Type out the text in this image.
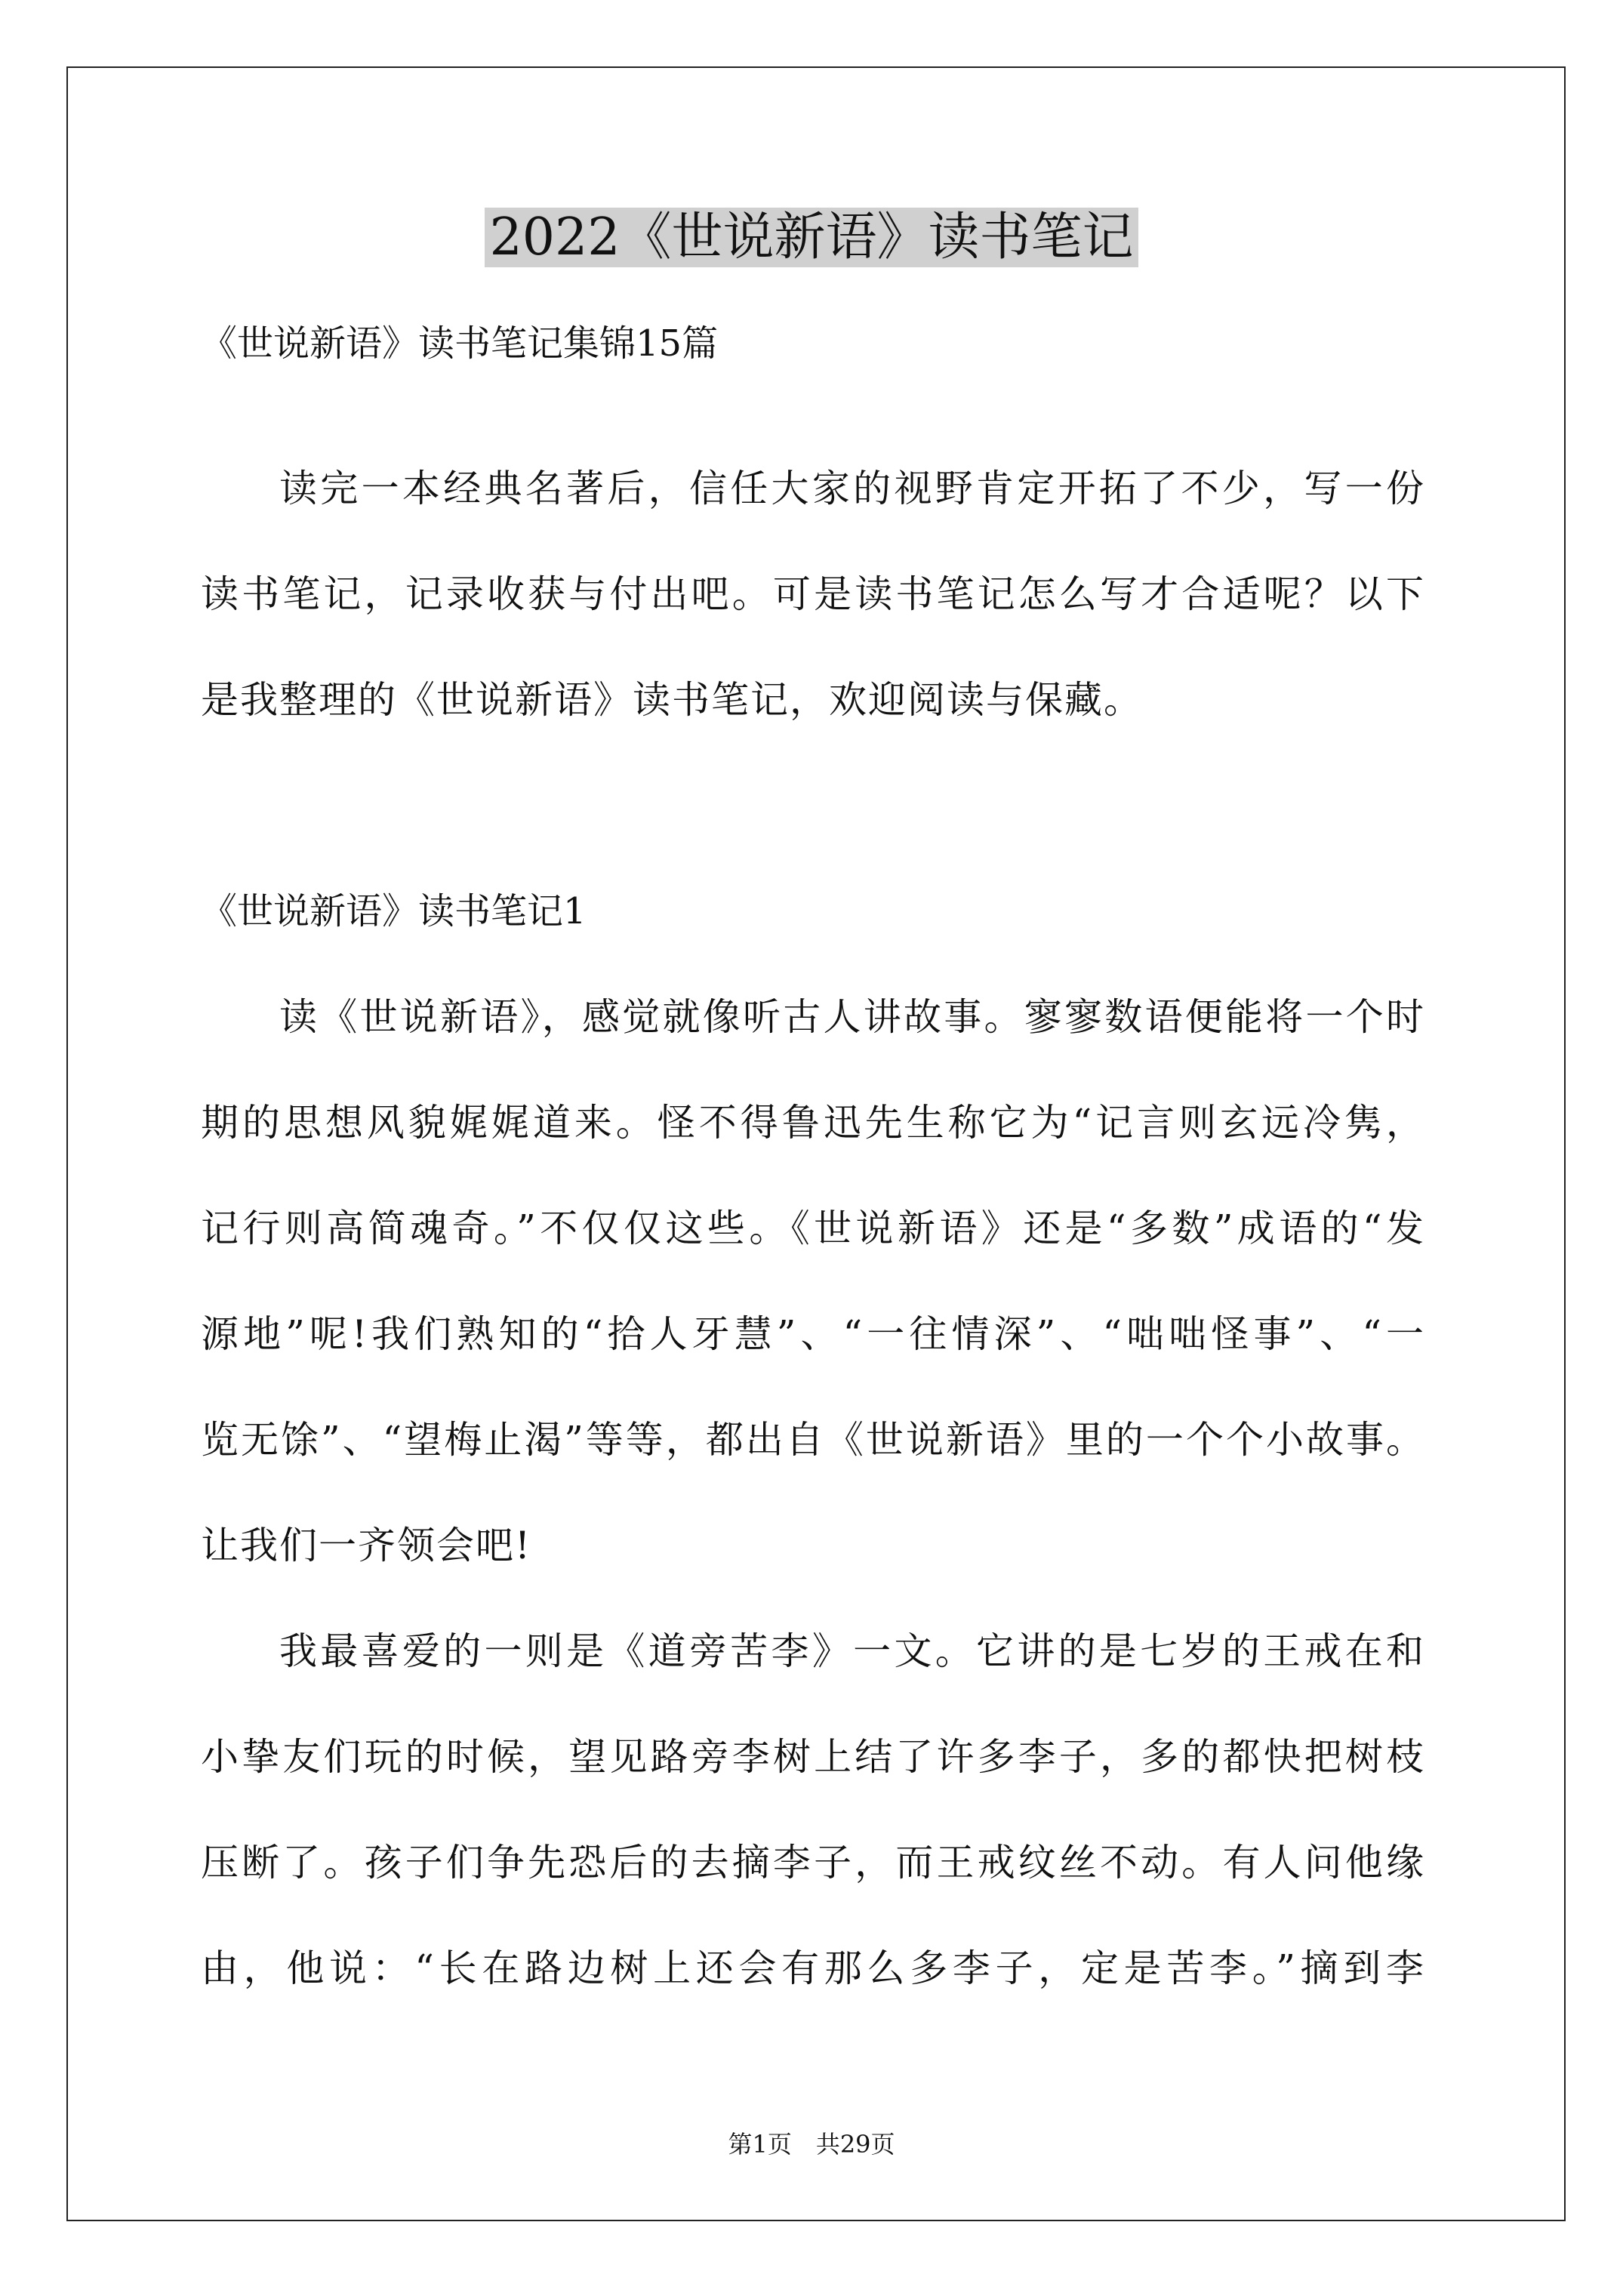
2022《世说新语》读书笔记
《世说新语》读书笔记集锦15篇
读完一本经典名著后，信任大家的视野肯定开拓了不少，写一份
读书笔记，记录收获与付出吧。可是读书笔记怎么写才合适呢？以下
是我整理的《世说新语》读书笔记，欢迎阅读与保藏。
《世说新语》读书笔记1
读《世说新语》，感觉就像听古人讲故事。寥寥数语便能将一个时
期的思想风貌娓娓道来。怪不得鲁迅先生称它为“记言则玄远冷隽，
记行则高简魂奇。”不仅仅这些。《世说新语》还是“多数”成语的“发
源地”呢!我们熟知的“拾人牙慧”、“一往情深”、“咄咄怪事”、“一
览无馀”、“望梅止渴”等等，都出自《世说新语》里的一个个小故事。
让我们一齐领会吧!
我最喜爱的一则是《道旁苦李》一文。它讲的是七岁的王戒在和
小挚友们玩的时候，望见路旁李树上结了许多李子，多的都快把树枝
压断了。孩子们争先恐后的去摘李子，而王戒纹丝不动。有人问他缘
由，他说：“长在路边树上还会有那么多李子，定是苦李。”摘到李
第1页　共29页
